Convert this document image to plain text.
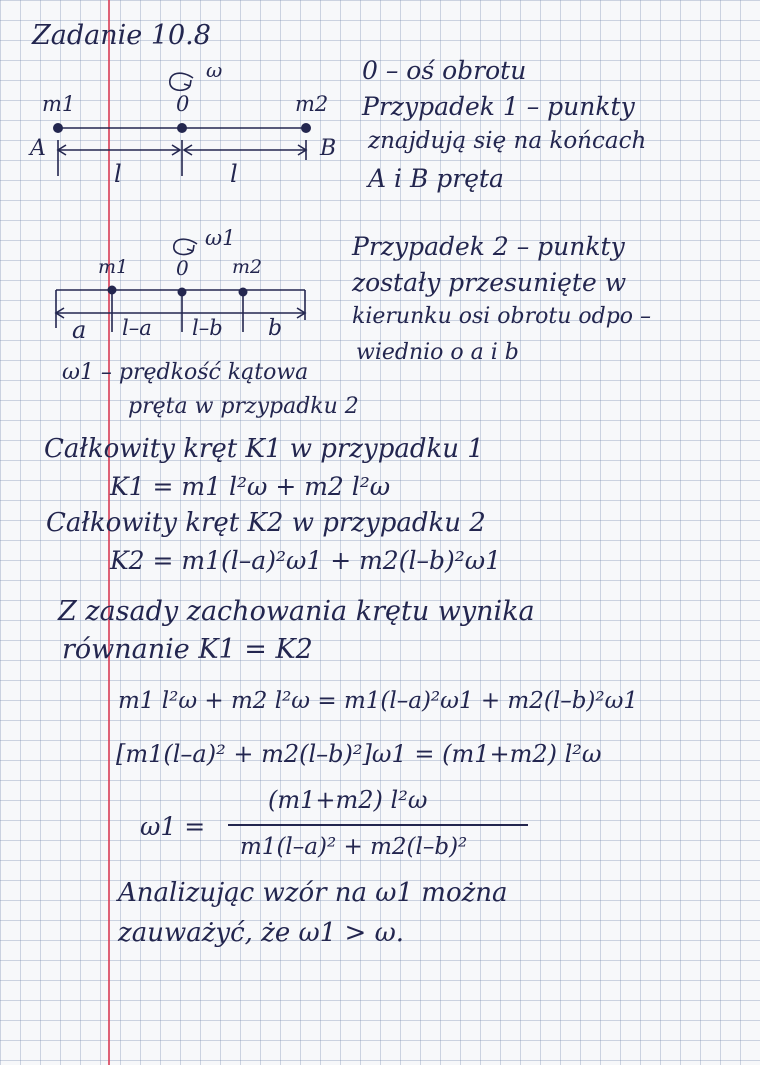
Zadanie 10.8
ω
m1	0	m2
A	B
l	l
0 – oś obrotu
Przypadek 1 – punkty
znajdują się na końcach
A i B pręta
ω1
m1 0 m2
a l–a l–b b
Przypadek 2 – punkty
zostały przesunięte w
kierunku osi obrotu odpo –
wiednio o a i b
ω1 – prędkość kątowa
pręta w przypadku 2
Całkowity kręt K1 w przypadku 1
K1 = m1 l²ω + m2 l²ω
Całkowity kręt K2 w przypadku 2
K2 = m1(l–a)²ω1 + m2(l–b)²ω1
Z zasady zachowania krętu wynika
równanie K1 = K2
m1 l²ω + m2 l²ω = m1(l–a)²ω1 + m2(l–b)²ω1
[m1(l–a)² + m2(l–b)²]ω1 = (m1+m2) l²ω
ω1 =
(m1+m2) l²ω
m1(l–a)² + m2(l–b)²
Analizując wzór na ω1 można
zauważyć, że ω1 > ω.
